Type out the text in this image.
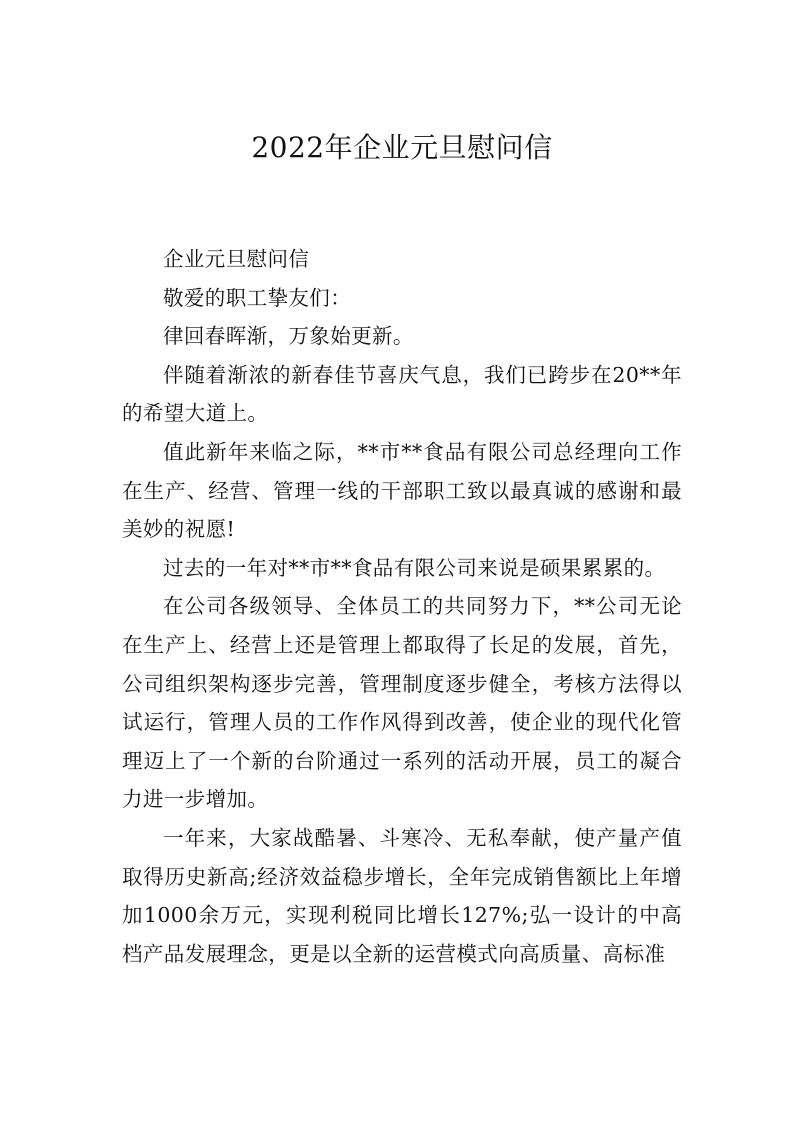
2022年企业元旦慰问信

企业元旦慰问信

敬爱的职工挚友们：

律回春晖渐，万象始更新。

伴随着渐浓的新春佳节喜庆气息，我们已跨步在20**年的希望大道上。

值此新年来临之际，**市**食品有限公司总经理向工作在生产、经营、管理一线的干部职工致以最真诚的感谢和最美妙的祝愿!

过去的一年对**市**食品有限公司来说是硕果累累的。

在公司各级领导、全体员工的共同努力下，**公司无论在生产上、经营上还是管理上都取得了长足的发展，首先，公司组织架构逐步完善，管理制度逐步健全，考核方法得以试运行，管理人员的工作作风得到改善，使企业的现代化管理迈上了一个新的台阶通过一系列的活动开展，员工的凝合力进一步增加。

一年来，大家战酷暑、斗寒冷、无私奉献，使产量产值取得历史新高;经济效益稳步增长，全年完成销售额比上年增加1000余万元，实现利税同比增长127%;弘一设计的中高档产品发展理念，更是以全新的运营模式向高质量、高标准
